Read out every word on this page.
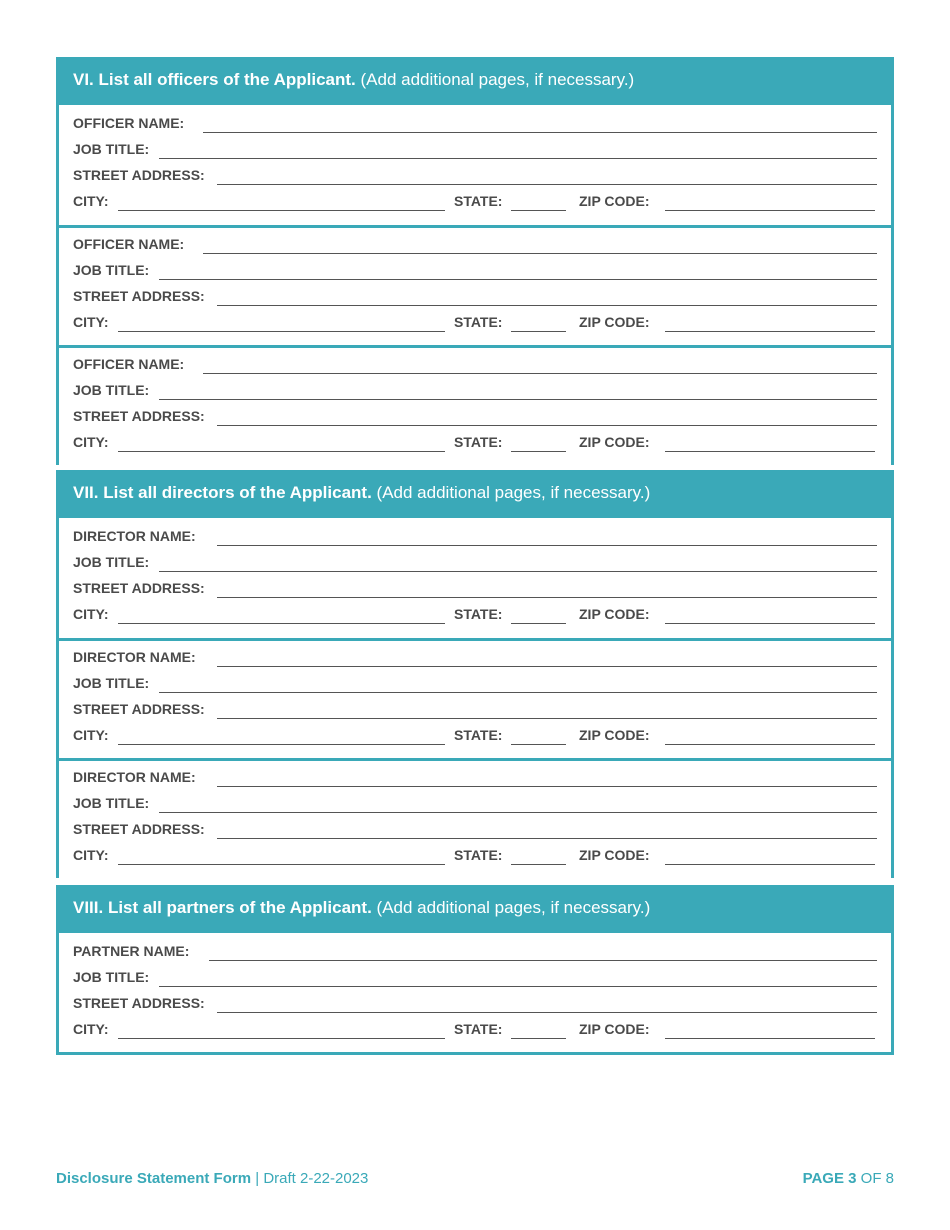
VI. List all officers of the Applicant. (Add additional pages, if necessary.)
OFFICER NAME:
JOB TITLE:
STREET ADDRESS:
CITY:	STATE:	ZIP CODE:
OFFICER NAME:
JOB TITLE:
STREET ADDRESS:
CITY:	STATE:	ZIP CODE:
OFFICER NAME:
JOB TITLE:
STREET ADDRESS:
CITY:	STATE:	ZIP CODE:
VII. List all directors of the Applicant. (Add additional pages, if necessary.)
DIRECTOR NAME:
JOB TITLE:
STREET ADDRESS:
CITY:	STATE:	ZIP CODE:
DIRECTOR NAME:
JOB TITLE:
STREET ADDRESS:
CITY:	STATE:	ZIP CODE:
DIRECTOR NAME:
JOB TITLE:
STREET ADDRESS:
CITY:	STATE:	ZIP CODE:
VIII. List all partners of the Applicant. (Add additional pages, if necessary.)
PARTNER NAME:
JOB TITLE:
STREET ADDRESS:
CITY:	STATE:	ZIP CODE:
Disclosure Statement Form | Draft 2-22-2023	PAGE 3 OF 8
